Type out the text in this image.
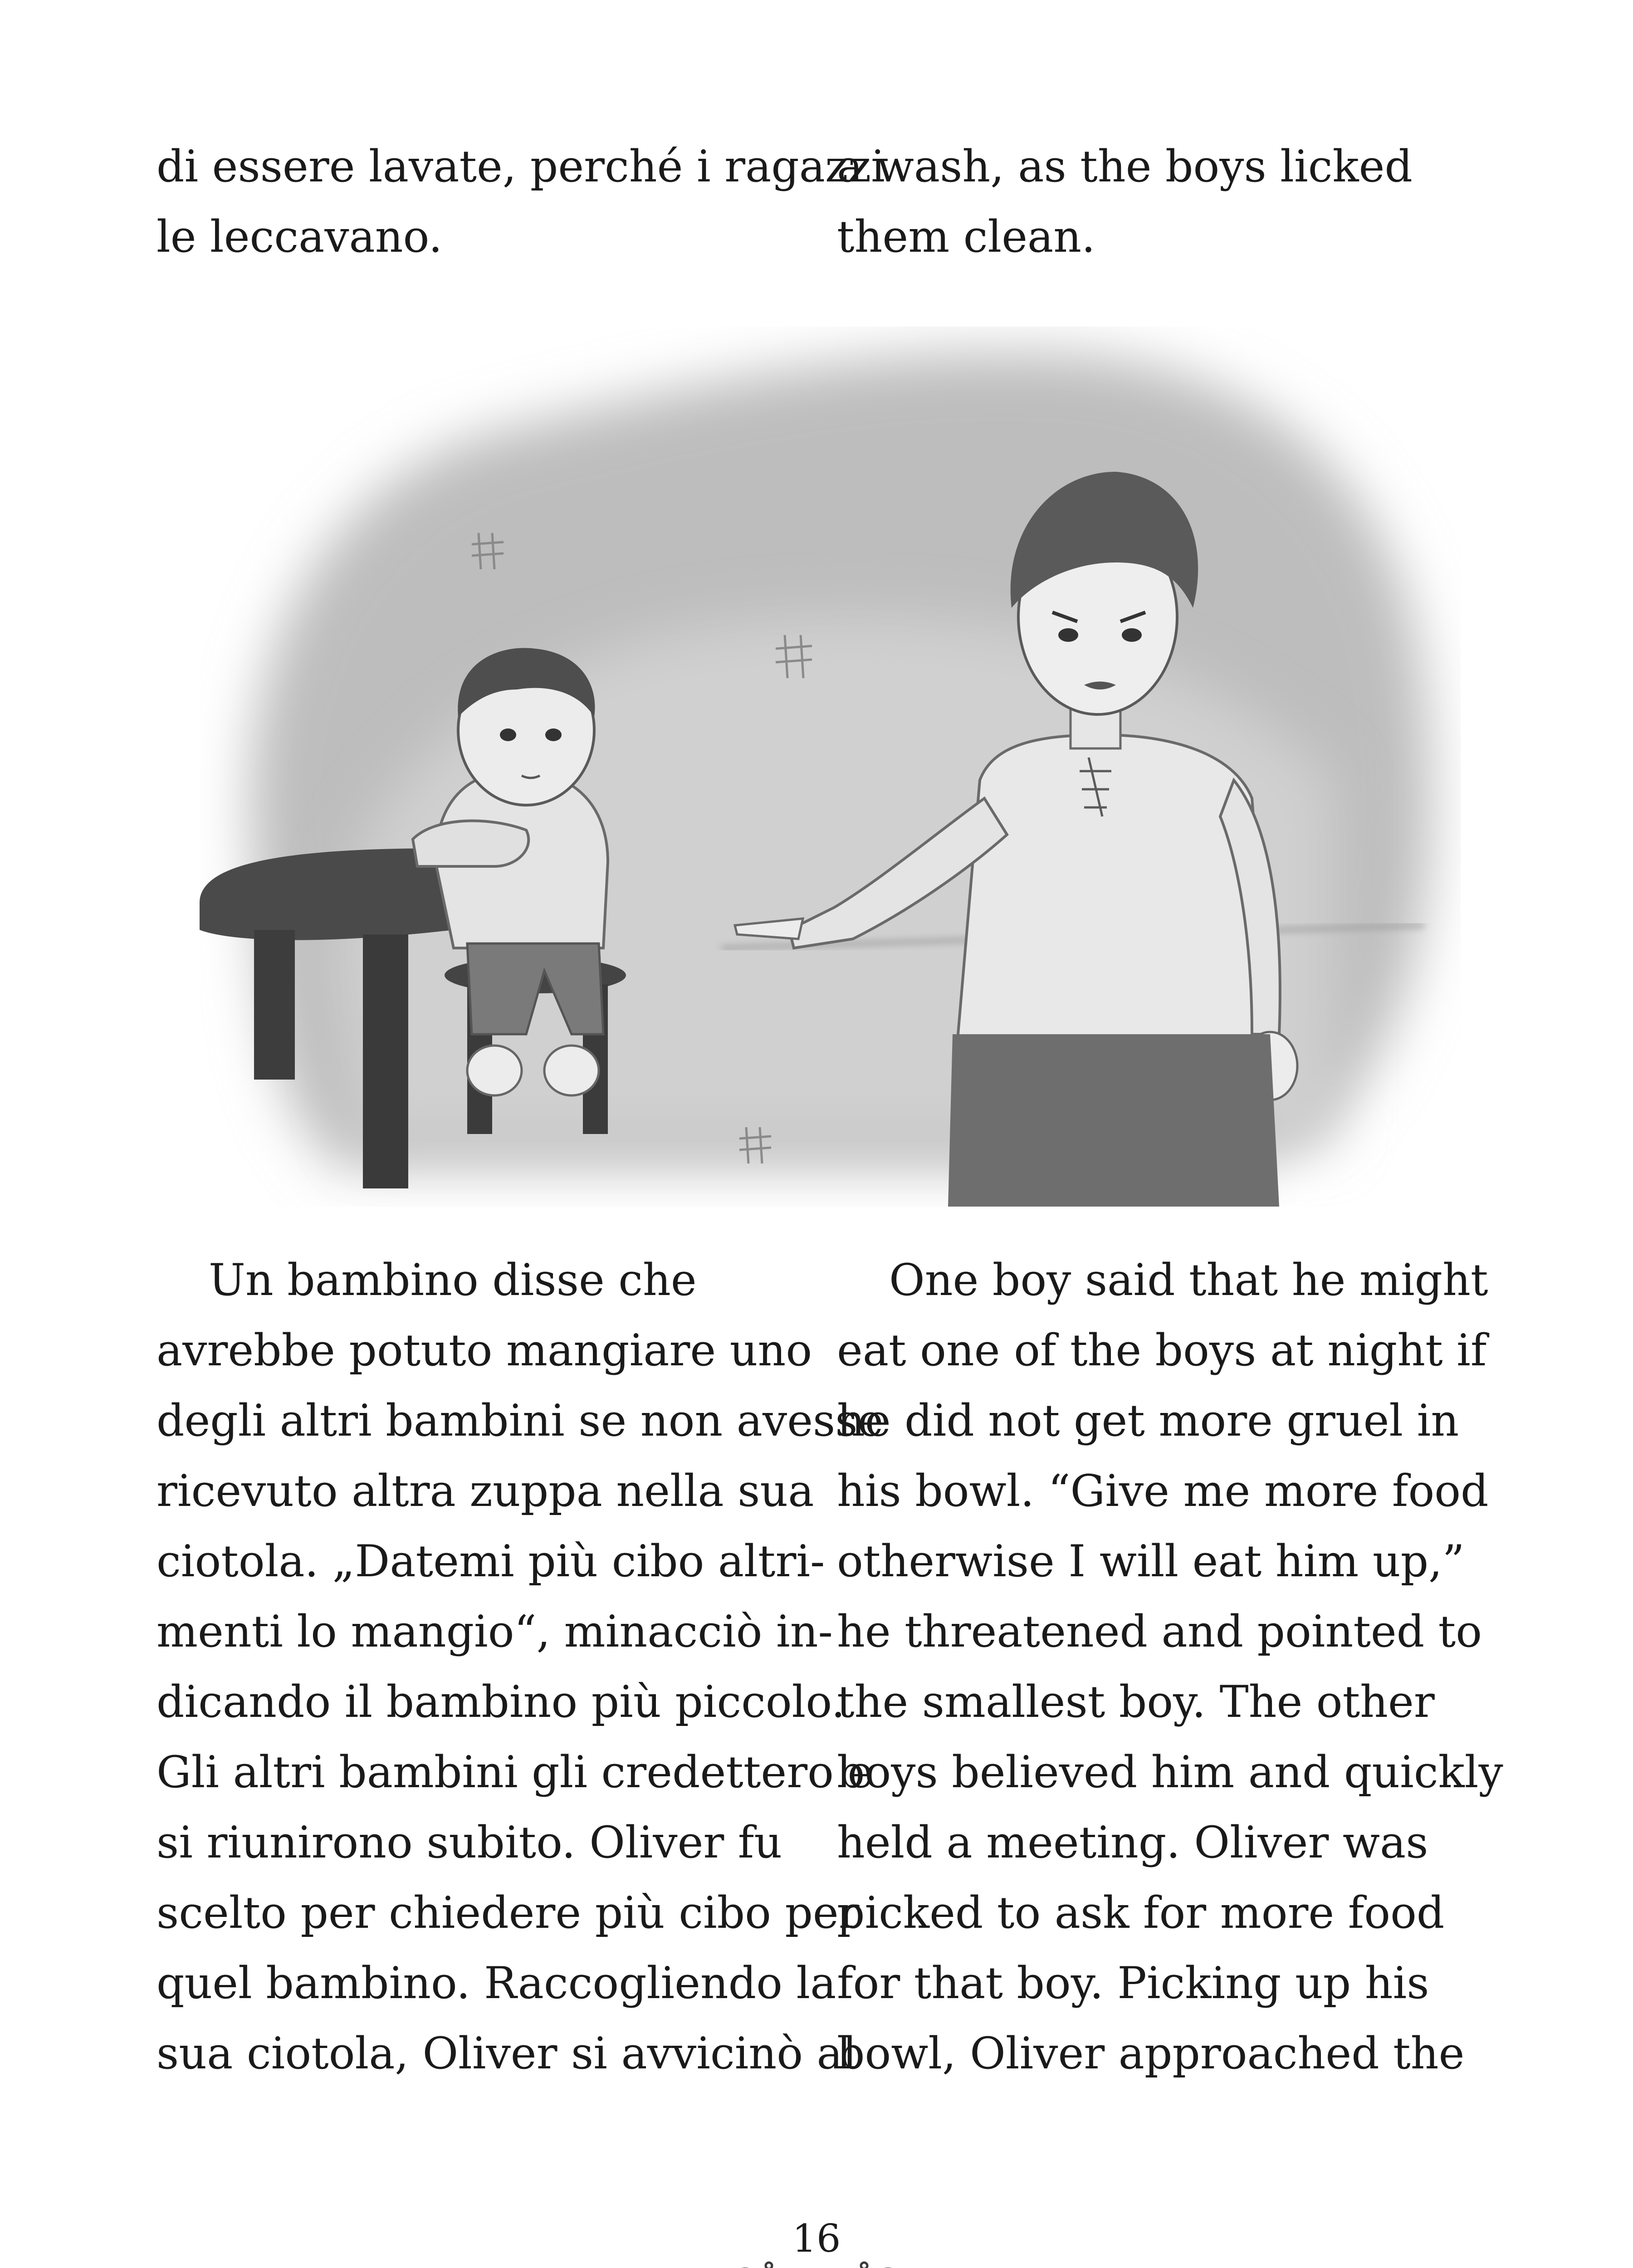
di essere lavate, perché i ragazzi

le leccavano.

a wash, as the boys licked

them clean.

Un bambino disse che

avrebbe potuto mangiare uno

degli altri bambini se non avesse

ricevuto altra zuppa nella sua

ciotola. „Datemi più cibo altri-

menti lo mangio“, minacciò in-

dicando il bambino più piccolo.

Gli altri bambini gli credettero e

si riunirono subito. Oliver fu

scelto per chiedere più cibo per

quel bambino. Raccogliendo la

sua ciotola, Oliver si avvicinò al

One boy said that he might

eat one of the boys at night if

he did not get more gruel in

his bowl. “Give me more food

otherwise I will eat him up,”

he threatened and pointed to

the smallest boy. The other

boys believed him and quickly

held a meeting. Oliver was

picked to ask for more food

for that boy. Picking up his

bowl, Oliver approached the

16
